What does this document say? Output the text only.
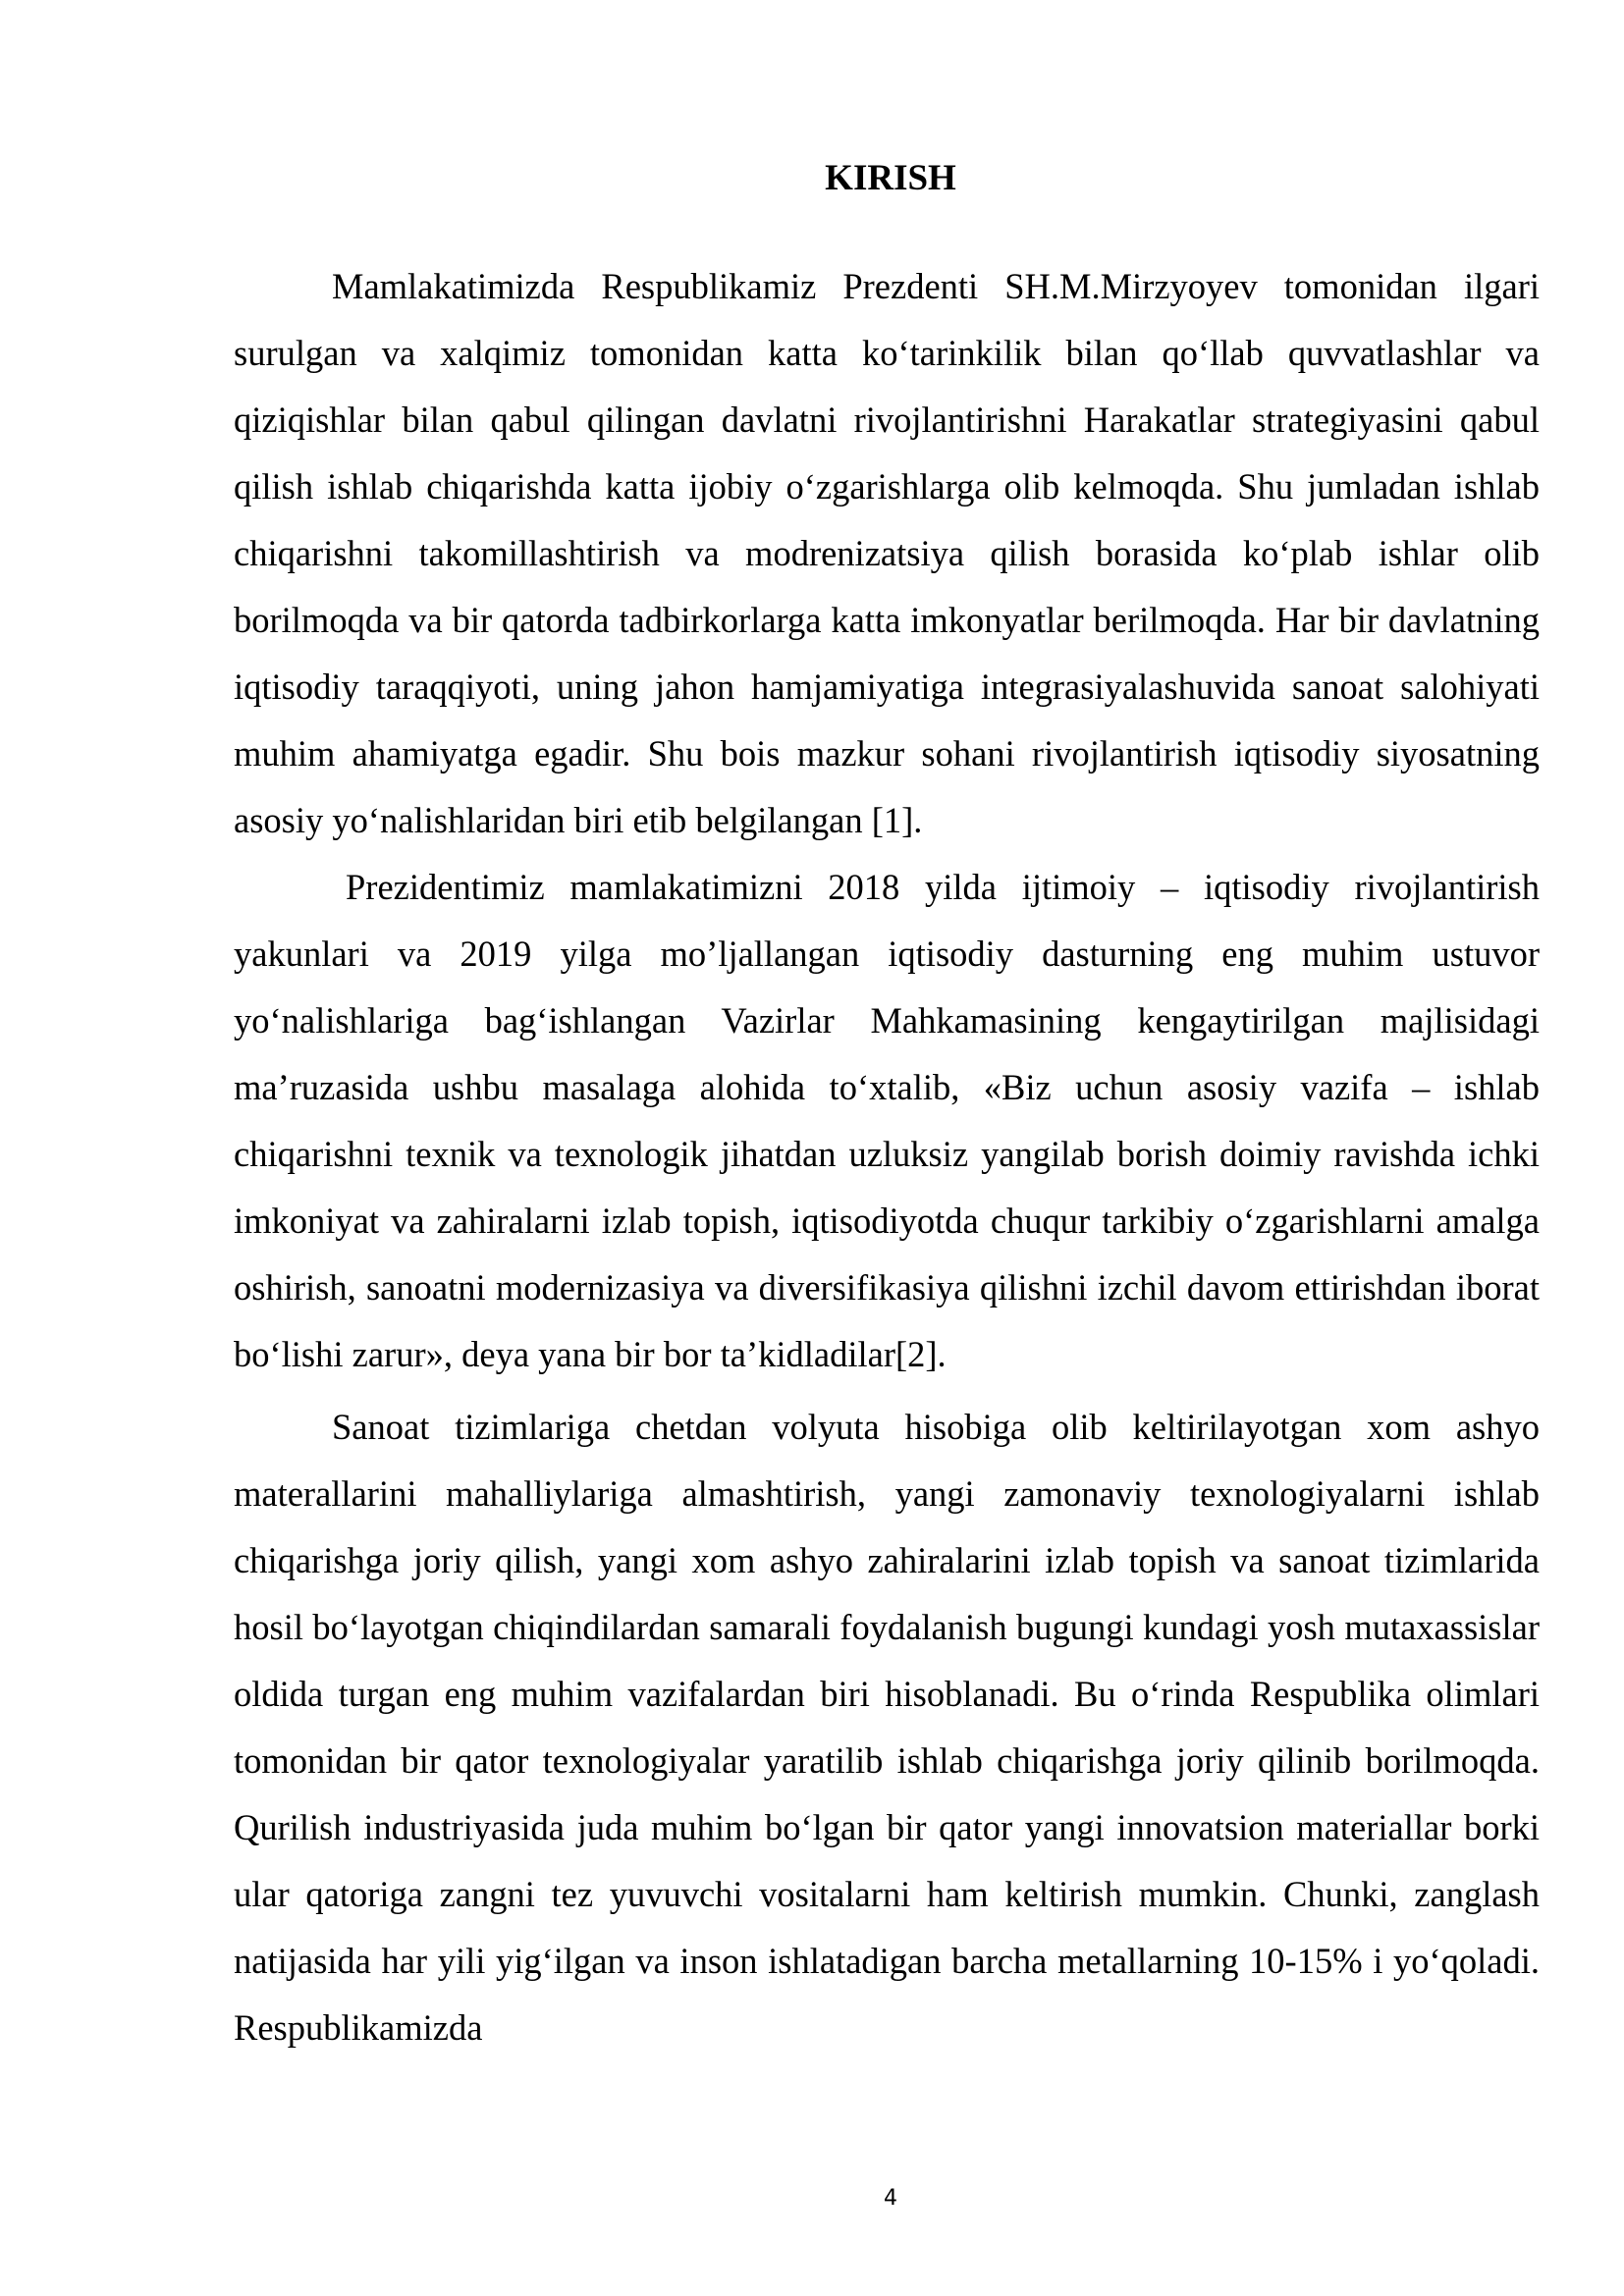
KIRISH

Mamlakatimizda Respublikamiz Prezdenti SH.M.Mirzyoyev tomonidan ilgari surulgan va xalqimiz tomonidan katta ko‘tarinkilik bilan qo‘llab quvvatlashlar va qiziqishlar bilan qabul qilingan davlatni rivojlantirishni Harakatlar strategiyasini qabul qilish ishlab chiqarishda katta ijobiy o‘zgarishlarga olib kelmoqda. Shu jumladan ishlab chiqarishni takomillashtirish va modrenizatsiya qilish borasida ko‘plab ishlar olib borilmoqda va bir qatorda tadbirkorlarga katta imkonyatlar berilmoqda. Har bir davlatning iqtisodiy taraqqiyoti, uning jahon hamjamiyatiga integrasiyalashuvida sanoat salohiyati muhim ahamiyatga egadir. Shu bois mazkur sohani rivojlantirish iqtisodiy siyosatning asosiy yo‘nalishlaridan biri etib belgilangan [1].

Prezidentimiz mamlakatimizni 2018 yilda ijtimoiy – iqtisodiy rivojlantirish yakunlari va 2019 yilga mo’ljallangan iqtisodiy dasturning eng muhim ustuvor yo‘nalishlariga bag‘ishlangan Vazirlar Mahkamasining kengaytirilgan majlisidagi ma’ruzasida ushbu masalaga alohida to‘xtalib, «Biz uchun asosiy vazifa – ishlab chiqarishni texnik va texnologik jihatdan uzluksiz yangilab borish doimiy ravishda ichki imkoniyat va zahiralarni izlab topish, iqtisodiyotda chuqur tarkibiy o‘zgarishlarni amalga oshirish, sanoatni modernizasiya va diversifikasiya qilishni izchil davom ettirishdan iborat bo‘lishi zarur», deya yana bir bor ta’kidladilar[2].

Sanoat tizimlariga chetdan volyuta hisobiga olib keltirilayotgan xom ashyo materallarini mahalliylariga almashtirish, yangi zamonaviy texnologiyalarni ishlab chiqarishga joriy qilish, yangi xom ashyo zahiralarini izlab topish va sanoat tizimlarida hosil bo‘layotgan chiqindilardan samarali foydalanish bugungi kundagi yosh mutaxassislar oldida turgan eng muhim vazifalardan biri hisoblanadi. Bu o‘rinda Respublika olimlari tomonidan bir qator texnologiyalar yaratilib ishlab chiqarishga joriy qilinib borilmoqda. Qurilish industriyasida juda muhim bo‘lgan bir qator yangi innovatsion materiallar borki ular qatoriga zangni tez yuvuvchi vositalarni ham keltirish mumkin. Chunki, zanglash natijasida har yili yig‘ilgan va inson ishlatadigan barcha metallarning 10-15% i yo‘qoladi. Respublikamizda

4
